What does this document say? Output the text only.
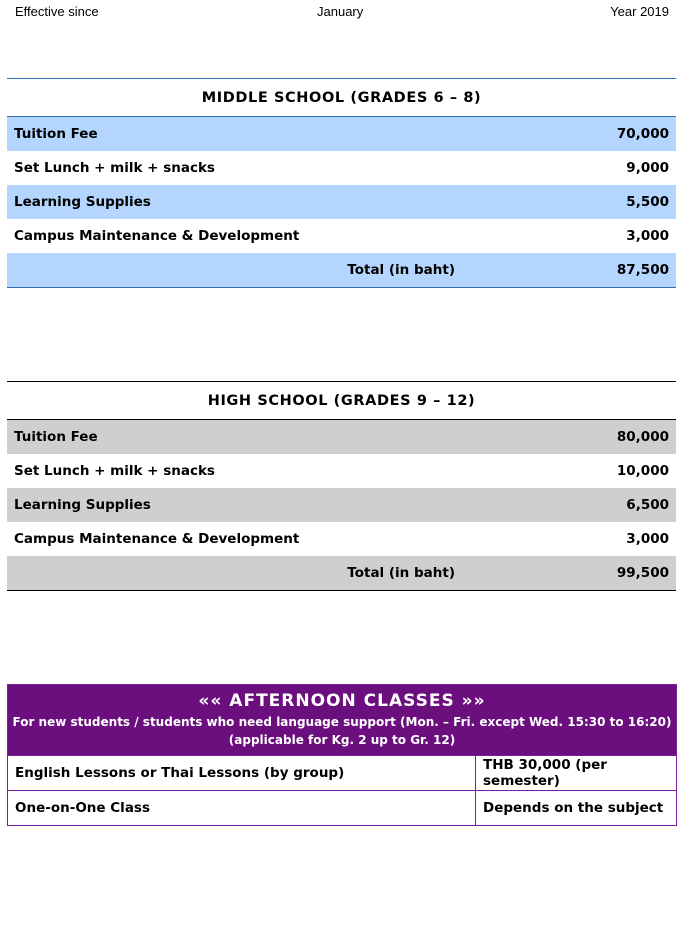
Effective since	January	Year 2019
MIDDLE SCHOOL (GRADES 6 – 8)	
Tuition Fee	70,000
Set Lunch + milk + snacks	9,000
Learning Supplies	5,500
Campus Maintenance & Development	3,000
Total (in baht)	87,500
HIGH SCHOOL (GRADES 9 – 12)	
Tuition Fee	80,000
Set Lunch + milk + snacks	10,000
Learning Supplies	6,500
Campus Maintenance & Development	3,000
Total (in baht)	99,500
«« AFTERNOON CLASSES »»
For new students / students who need language support (Mon. – Fri. except Wed. 15:30 to 16:20)
(applicable for Kg. 2 up to Gr. 12)	

English Lessons or Thai Lessons (by group)	THB 30,000 (per semester)
One-on-One Class	Depends on the subject
